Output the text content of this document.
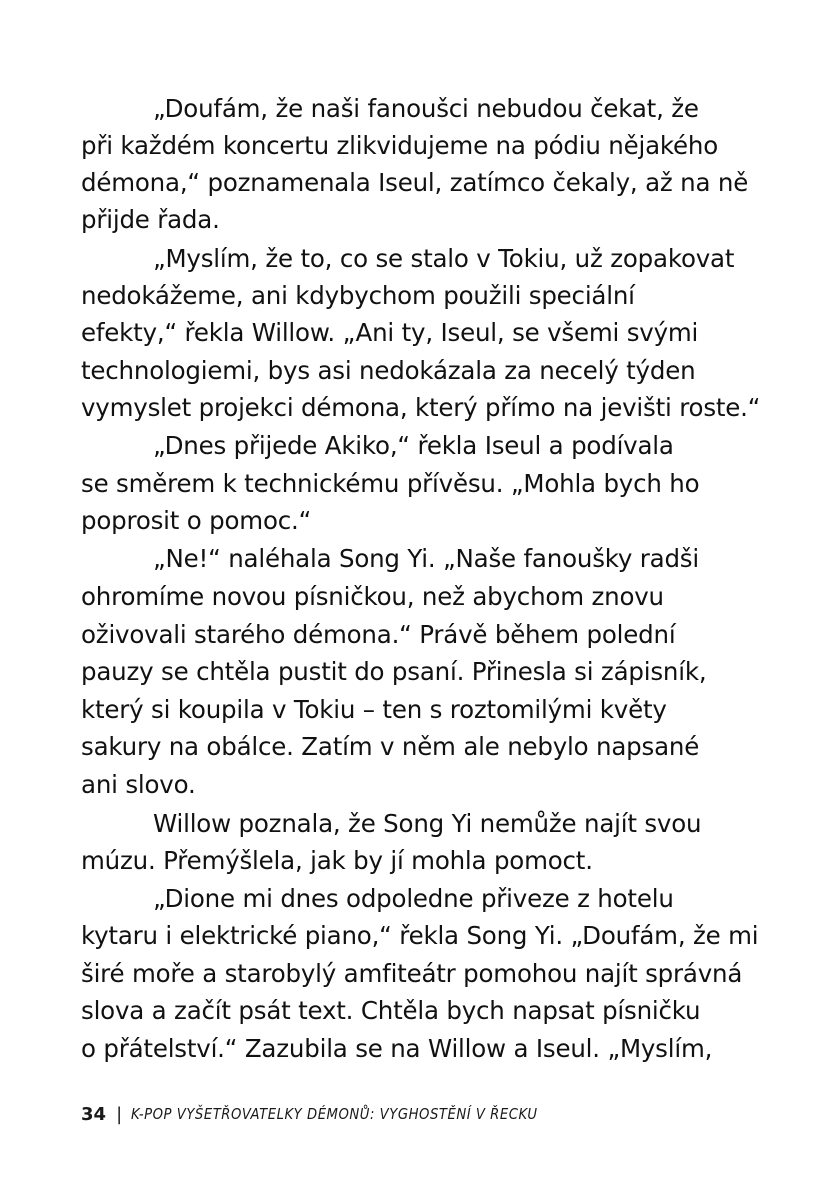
„Doufám, že naši fanoušci nebudou čekat, že
při každém koncertu zlikvidujeme na pódiu nějakého
démona,“ poznamenala Iseul, zatímco čekaly, až na ně
přijde řada.
„Myslím, že to, co se stalo v Tokiu, už zopakovat
nedokážeme, ani kdybychom použili speciální
efekty,“ řekla Willow. „Ani ty, Iseul, se všemi svými
technologiemi, bys asi nedokázala za necelý týden
vymyslet projekci démona, který přímo na jevišti roste.“
„Dnes přijede Akiko,“ řekla Iseul a podívala
se směrem k technickému přívěsu. „Mohla bych ho
poprosit o pomoc.“
„Ne!“ naléhala Song Yi. „Naše fanoušky radši
ohromíme novou písničkou, než abychom znovu
oživovali starého démona.“ Právě během polední
pauzy se chtěla pustit do psaní. Přinesla si zápisník,
který si koupila v Tokiu – ten s roztomilými květy
sakury na obálce. Zatím v něm ale nebylo napsané
ani slovo.
Willow poznala, že Song Yi nemůže najít svou
múzu. Přemýšlela, jak by jí mohla pomoct.
„Dione mi dnes odpoledne přiveze z hotelu
kytaru i elektrické piano,“ řekla Song Yi. „Doufám, že mi
širé moře a starobylý amfiteátr pomohou najít správná
slova a začít psát text. Chtěla bych napsat písničku
o přátelství.“ Zazubila se na Willow a Iseul. „Myslím,
34 | K-POP VYŠETŘOVATELKY DÉMONŮ: VYGHOSTĚNÍ V ŘECKU
